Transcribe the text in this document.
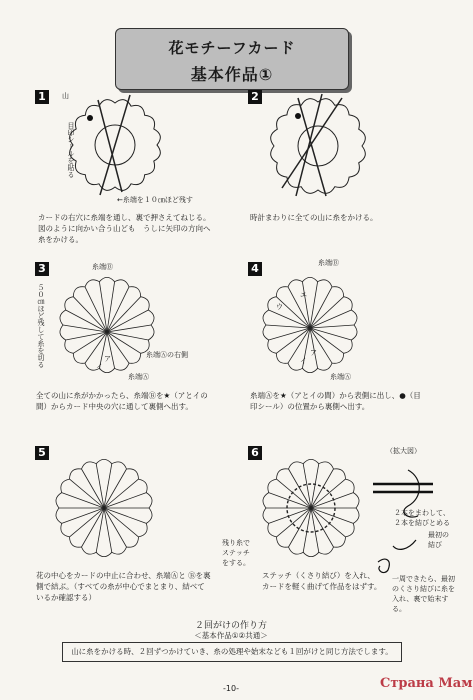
花モチーフカード
基本作品①
1	山
目印シールを貼る
←糸端を１０㎝ほど残す
カードの右穴に糸端を通し、裏で押さえてねじる。図のように向かい合う山ども　うしに矢印の方向へ糸をかける。
2
時計まわりに全ての山に糸をかける。
3	糸端Ⓑ
５０㎝ほど残して糸を切る	糸端Ⓐの右側
糸端Ⓐ
ア
イ
全ての山に糸がかかったら、糸端Ⓑを★（アとイの間）からカード中央の穴に通して裏側へ出す。
4	糸端Ⓑ
ウ
エ
ア
イ
糸端Ⓐ
糸端Ⓐを★（アとイの間）から表側に出し、●（目印シール）の位置から裏側へ出す。
5
花の中心をカードの中止に合わせ、糸端Ⓐと Ⓑを裏側で結ぶ。（すべての糸が中心でまとまり、結べているか確認する）
6
残り糸で
ステッチ
をする。
ステッチ（くさり結び）を入れ、カードを軽く曲げて作品をはずす。
（拡大図）
２本をまわして、２本を結びとめる
最初の
結び
一周できたら、最初のくさり結びに糸を入れ、裏で始末する。
２回がけの作り方
＜基本作品①②共通＞
山に糸をかける時、２回ずつかけていき、糸の処理や始末なども１回がけと同じ方法でします。
-10-	Страна Мам
